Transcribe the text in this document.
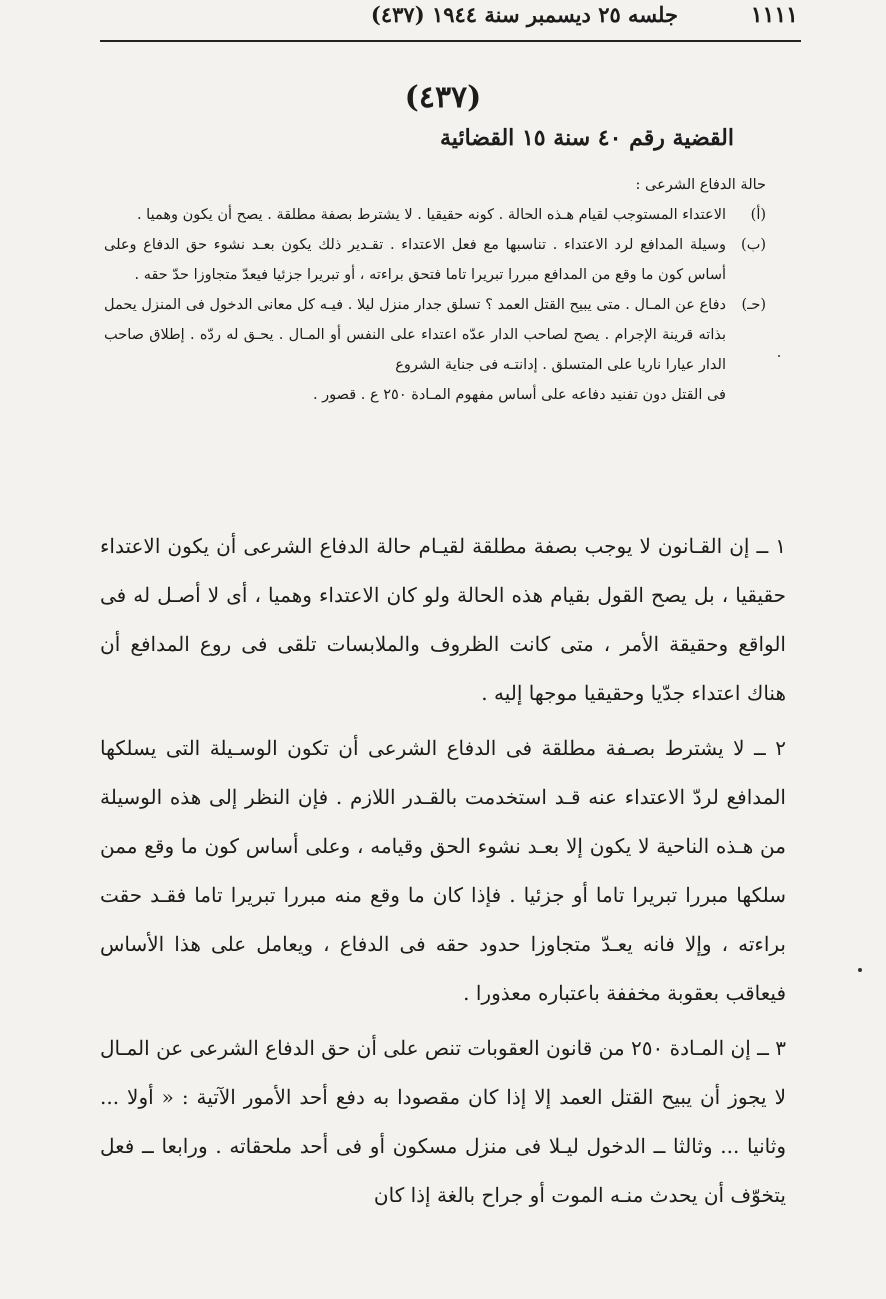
١١١١
جلسه ٢٥ ديسمبر سنة ١٩٤٤ (٤٣٧)
(٤٣٧)
القضية رقم ٤٠ سنة ١٥ القضائية
حالة الدفاع الشرعى :
(أ)
الاعتداء المستوجب لقيام هـذه الحالة . كونه حقيقيا . لا يشترط بصفة مطلقة . يصح أن يكون وهميا .
(ب)
وسيلة المدافع لرد الاعتداء . تناسبها مع فعل الاعتداء . تقـدير ذلك يكون بعـد نشوء حق الدفاع وعلى أساس كون ما وقع من المدافع مبررا تبريرا تاما فتحق براءته ، أو تبريرا جزئيا فيعدّ متجاوزا حدّ حقه .
(حـ)
دفاع عن المـال . متى يبيح القتل العمد ؟ تسلق جدار منزل ليلا . فيـه كل معانى الدخول فى المنزل يحمل بذاته قرينة الإجرام . يصح لصاحب الدار عدّه اعتداء على النفس أو المـال . يحـق له ردّه . إطلاق صاحب الدار عيارا ناريا على المتسلق . إدانتـه فى جناية الشروع
فى القتل دون تفنيد دفاعه على أساس مفهوم المـادة ٢٥٠ ع . قصور .

١ ــ إن القـانون لا يوجب بصفة مطلقة لقيـام حالة الدفاع الشرعى أن يكون الاعتداء حقيقيا ، بل يصح القول بقيام هذه الحالة ولو كان الاعتداء وهميا ، أى لا أصـل له فى الواقع وحقيقة الأمر ، متى كانت الظروف والملابسات تلقى فى روع المدافع أن هناك اعتداء جدّيا وحقيقيا موجها إليه .

٢ ــ لا يشترط بصـفة مطلقة فى الدفاع الشرعى أن تكون الوسـيلة التى يسلكها المدافع لردّ الاعتداء عنه قـد استخدمت بالقـدر اللازم . فإن النظر إلى هذه الوسيلة من هـذه الناحية لا يكون إلا بعـد نشوء الحق وقيامه ، وعلى أساس كون ما وقع ممن سلكها مبررا تبريرا تاما أو جزئيا . فإذا كان ما وقع منه مبررا تبريرا تاما فقـد حقت براءته ، وإلا فانه يعـدّ متجاوزا حدود حقه فى الدفاع ، ويعامل على هذا الأساس فيعاقب بعقوبة مخففة باعتباره معذورا .

٣ ــ إن المـادة ٢٥٠ من قانون العقوبات تنص على أن حق الدفاع الشرعى عن المـال لا يجوز أن يبيح القتل العمد إلا إذا كان مقصودا به دفع أحد الأمور الآتية : « أولا ... وثانيا ... وثالثا ــ الدخول ليـلا فى منزل مسكون أو فى أحد ملحقاته . ورابعا ــ فعل يتخوّف أن يحدث منـه الموت أو جراح بالغة إذا كان
